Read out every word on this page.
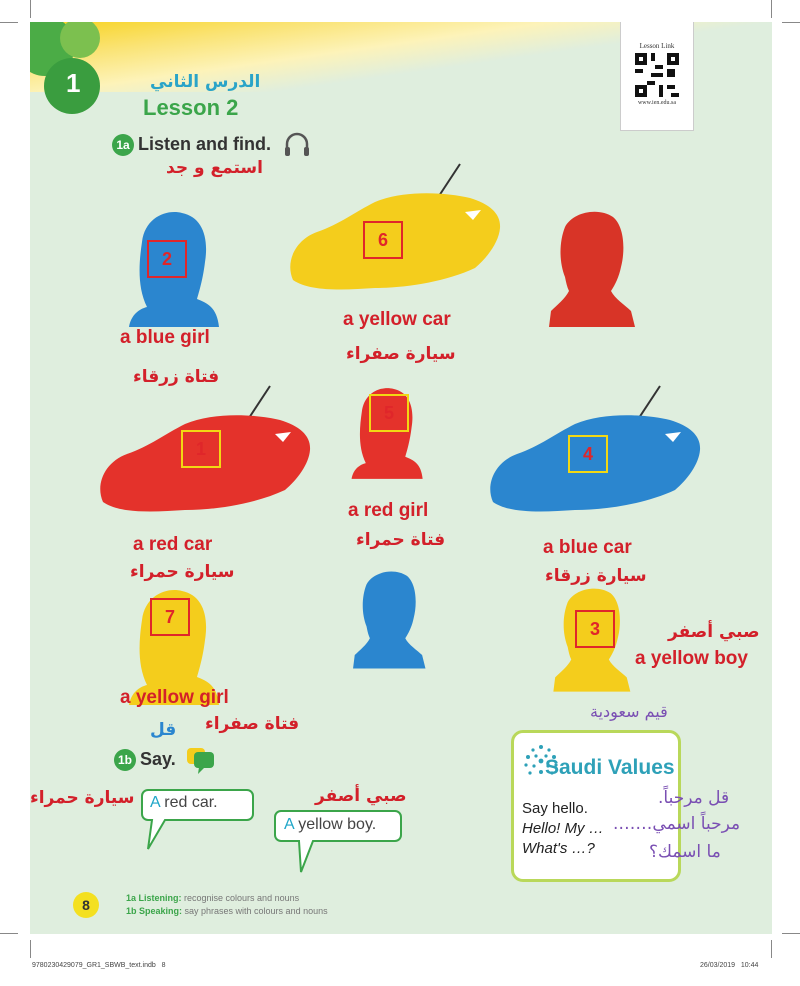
1	الدرس الثاني
Lesson 2
Lesson Link
www.ien.edu.sa
1a Listen and find.
استمع و جد
2
a blue girl
فتاة زرقاء
6
a yellow car
سيارة صفراء
5
a red girl
فتاة حمراء
1
a red car
سيارة حمراء
4
a blue car
سيارة زرقاء
7
a yellow girl
فتاة صفراء
3	صبي أصفر
a yellow boy
قل
1b Say.
سيارة حمراء A red car.	صبي أصفر
A yellow boy.
قيم سعودية
Saudi Values
Say hello.
Hello! My …
What's …?
قل مرحباً.
مرحباً اسمي…….
ما اسمك؟
8	1a Listening: recognise colours and nouns
1b Speaking: say phrases with colours and nouns
9780230429079_GR1_SBWB_text.indb   8	26/03/2019   10:44
